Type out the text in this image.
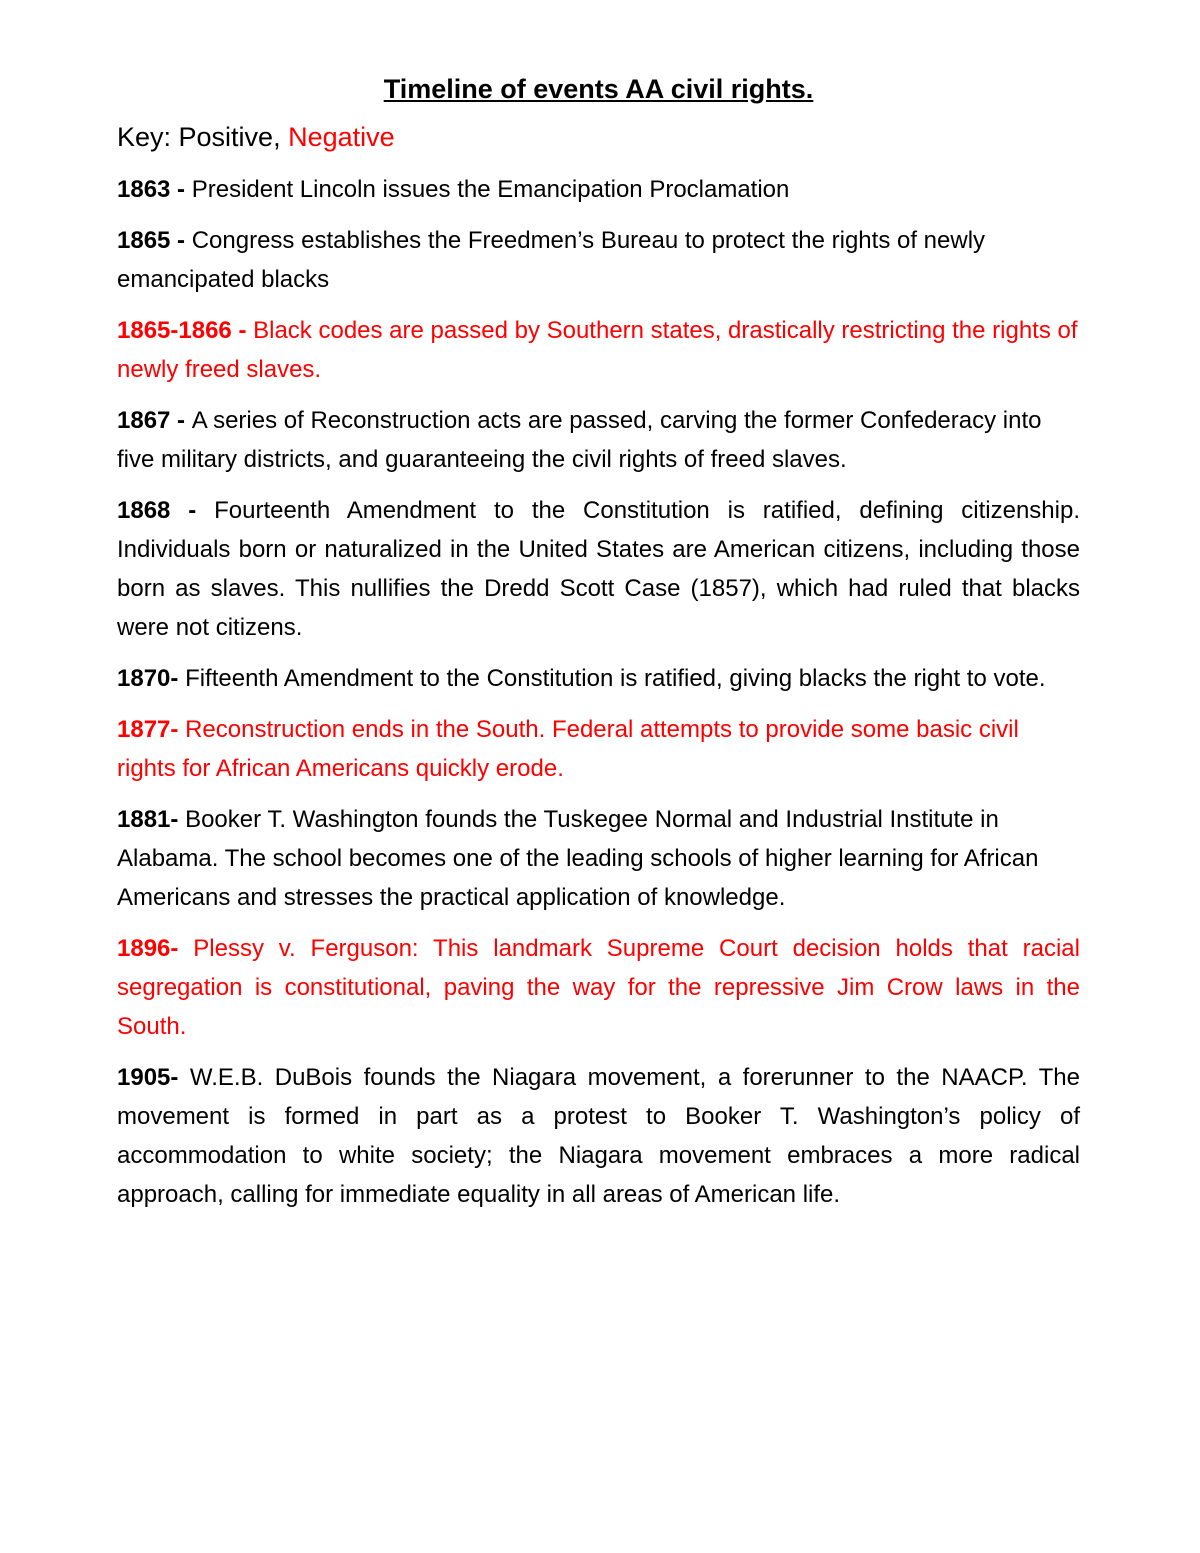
Timeline of events AA civil rights.

Key: Positive, Negative

1863 - President Lincoln issues the Emancipation Proclamation

1865 - Congress establishes the Freedmen’s Bureau to protect the rights of newly emancipated blacks

1865-1866 - Black codes are passed by Southern states, drastically restricting the rights of newly freed slaves.

1867 - A series of Reconstruction acts are passed, carving the former Confederacy into five military districts, and guaranteeing the civil rights of freed slaves.

1868 - Fourteenth Amendment to the Constitution is ratified, defining citizenship. Individuals born or naturalized in the United States are American citizens, including those born as slaves. This nullifies the Dredd Scott Case (1857), which had ruled that blacks were not citizens.

1870- Fifteenth Amendment to the Constitution is ratified, giving blacks the right to vote.

1877- Reconstruction ends in the South. Federal attempts to provide some basic civil rights for African Americans quickly erode.

1881- Booker T. Washington founds the Tuskegee Normal and Industrial Institute in Alabama. The school becomes one of the leading schools of higher learning for African Americans and stresses the practical application of knowledge.

1896- Plessy v. Ferguson: This landmark Supreme Court decision holds that racial segregation is constitutional, paving the way for the repressive Jim Crow laws in the South.

1905- W.E.B. DuBois founds the Niagara movement, a forerunner to the NAACP. The movement is formed in part as a protest to Booker T. Washington’s policy of accommodation to white society; the Niagara movement embraces a more radical approach, calling for immediate equality in all areas of American life.
